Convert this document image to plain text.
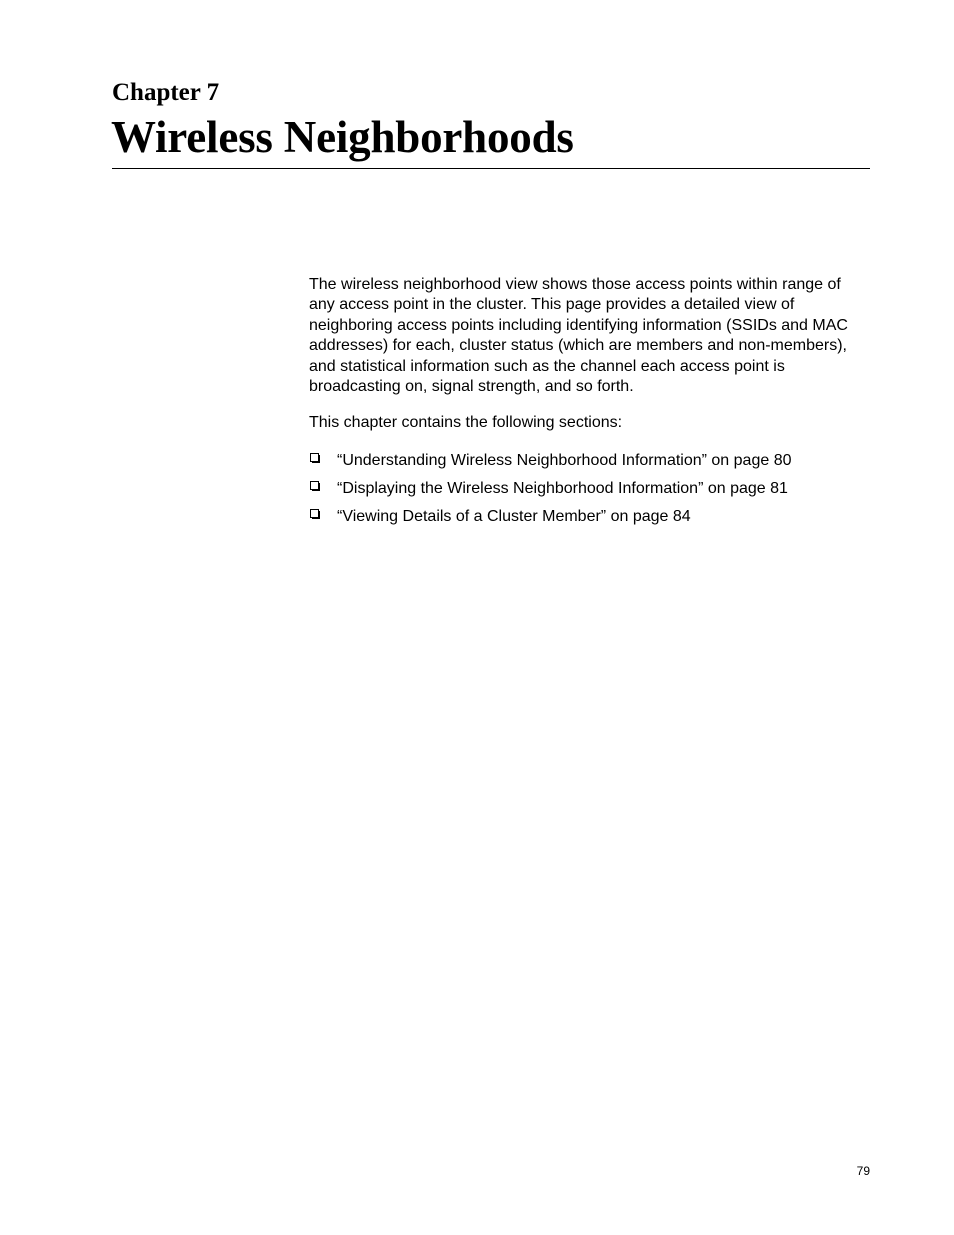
Chapter 7
Wireless Neighborhoods

The wireless neighborhood view shows those access points within range of any access point in the cluster. This page provides a detailed view of neighboring access points including identifying information (SSIDs and MAC addresses) for each, cluster status (which are members and non-members), and statistical information such as the channel each access point is broadcasting on, signal strength, and so forth.

This chapter contains the following sections:

“Understanding Wireless Neighborhood Information” on page 80
“Displaying the Wireless Neighborhood Information” on page 81
“Viewing Details of a Cluster Member” on page 84
79
